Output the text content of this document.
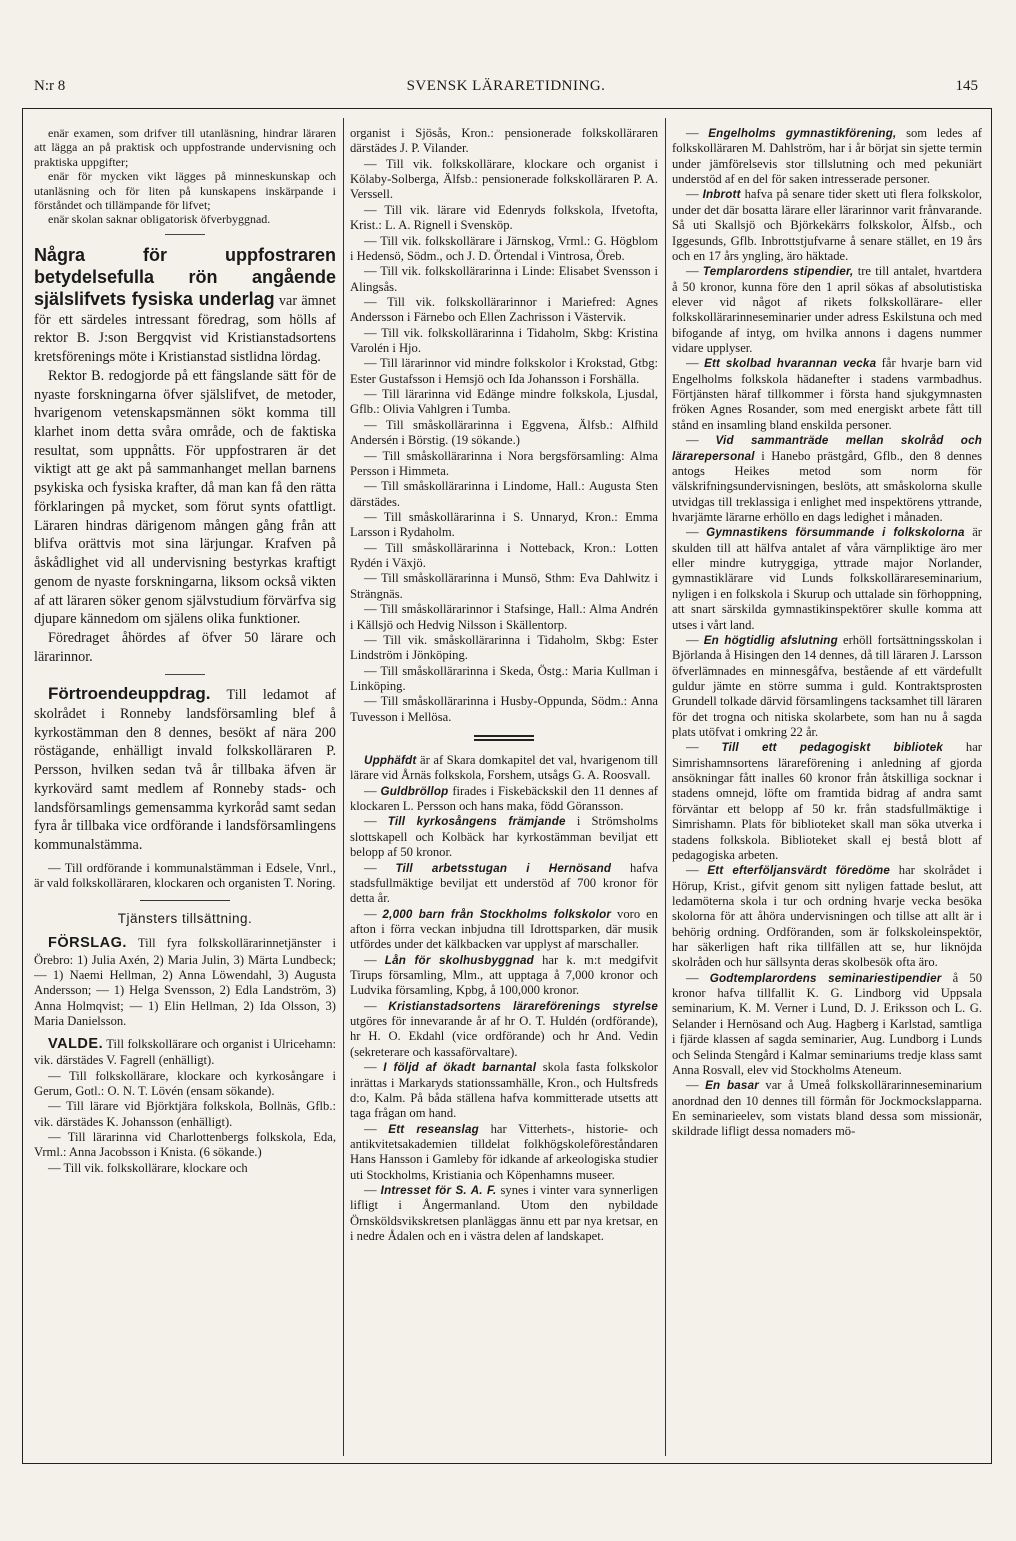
N:r 8	SVENSK LÄRARETIDNING.	145

enär examen, som drifver till utanläsning, hindrar läraren att lägga an på praktisk och uppfostrande undervisning och praktiska uppgifter;

enär för mycken vikt lägges på minneskunskap och utanläsning och för liten på kunskapens inskärpande i förståndet och tillämpande för lifvet;

enär skolan saknar obligatorisk öfverbyggnad.

Några för uppfostraren betydelsefulla rön angående själslifvets fysiska underlag var ämnet för ett särdeles intressant föredrag, som hölls af rektor B. J:son Bergqvist vid Kristianstadsortens kretsförenings möte i Kristianstad sistlidna lördag.

Rektor B. redogjorde på ett fängslande sätt för de nyaste forskningarna öfver själslifvet, de metoder, hvarigenom vetenskapsmännen sökt komma till klarhet inom detta svåra område, och de faktiska resultat, som uppnåtts. För uppfostraren är det viktigt att ge akt på sammanhanget mellan barnens psykiska och fysiska krafter, då man kan få den rätta förklaringen på mycket, som förut synts ofattligt. Läraren hindras därigenom mången gång från att blifva orättvis mot sina lärjungar. Krafven på åskådlighet vid all undervisning bestyrkas kraftigt genom de nyaste forskningarna, liksom också vikten af att läraren söker genom självstudium förvärfva sig djupare kännedom om själens olika funktioner.

Föredraget åhördes af öfver 50 lärare och lärarinnor.

Förtroendeuppdrag. Till ledamot af skolrådet i Ronneby landsförsamling blef å kyrkostämman den 8 dennes, besökt af nära 200 röstägande, enhälligt invald folkskolläraren P. Persson, hvilken sedan två år tillbaka äfven är kyrkovärd samt medlem af Ronneby stads- och landsförsamlings gemensamma kyrkoråd samt sedan fyra år tillbaka vice ordförande i landsförsamlingens kommunalstämma.

— Till ordförande i kommunalstämman i Edsele, Vnrl., är vald folkskolläraren, klockaren och organisten T. Noring.

Tjänsters tillsättning.

FÖRSLAG. Till fyra folkskollärarinnetjänster i Örebro: 1) Julia Axén, 2) Maria Julin, 3) Märta Lundbeck; — 1) Naemi Hellman, 2) Anna Löwendahl, 3) Augusta Andersson; — 1) Helga Svensson, 2) Edla Landström, 3) Anna Holmqvist; — 1) Elin Hellman, 2) Ida Olsson, 3) Maria Danielsson.

VALDE. Till folkskollärare och organist i Ulricehamn: vik. därstädes V. Fagrell (enhälligt).

— Till folkskollärare, klockare och kyrkosångare i Gerum, Gotl.: O. N. T. Lövén (ensam sökande).

— Till lärare vid Björktjära folkskola, Bollnäs, Gflb.: vik. därstädes K. Johansson (enhälligt).

— Till lärarinna vid Charlottenbergs folkskola, Eda, Vrml.: Anna Jacobsson i Knista. (6 sökande.)

— Till vik. folkskollärare, klockare och

organist i Sjösås, Kron.: pensionerade folkskolläraren därstädes J. P. Vilander.

— Till vik. folkskollärare, klockare och organist i Kölaby-Solberga, Älfsb.: pensionerade folkskolläraren P. A. Verssell.

— Till vik. lärare vid Edenryds folkskola, Ifvetofta, Krist.: L. A. Rignell i Svensköp.

— Till vik. folkskollärare i Järnskog, Vrml.: G. Högblom i Hedensö, Södm., och J. D. Örtendal i Vintrosa, Öreb.

— Till vik. folkskollärarinna i Linde: Elisabet Svensson i Alingsås.

— Till vik. folkskollärarinnor i Mariefred: Agnes Andersson i Färnebo och Ellen Zachrisson i Västervik.

— Till vik. folkskollärarinna i Tidaholm, Skbg: Kristina Varolén i Hjo.

— Till lärarinnor vid mindre folkskolor i Krokstad, Gtbg: Ester Gustafsson i Hemsjö och Ida Johansson i Forshälla.

— Till lärarinna vid Edänge mindre folkskola, Ljusdal, Gflb.: Olivia Vahlgren i Tumba.

— Till småskollärarinna i Eggvena, Älfsb.: Alfhild Andersén i Börstig. (19 sökande.)

— Till småskollärarinna i Nora bergsförsamling: Alma Persson i Himmeta.

— Till småskollärarinna i Lindome, Hall.: Augusta Sten därstädes.

— Till småskollärarinna i S. Unnaryd, Kron.: Emma Larsson i Rydaholm.

— Till småskollärarinna i Notteback, Kron.: Lotten Rydén i Växjö.

— Till småskollärarinna i Munsö, Sthm: Eva Dahlwitz i Strängnäs.

— Till småskollärarinnor i Stafsinge, Hall.: Alma Andrén i Källsjö och Hedvig Nilsson i Skällentorp.

— Till vik. småskollärarinna i Tidaholm, Skbg: Ester Lindström i Jönköping.

— Till småskollärarinna i Skeda, Östg.: Maria Kullman i Linköping.

— Till småskollärarinna i Husby-Oppunda, Södm.: Anna Tuvesson i Mellösa.

Upphäfdt är af Skara domkapitel det val, hvarigenom till lärare vid Årnäs folkskola, Forshem, utsågs G. A. Roosvall.

— Guldbröllop firades i Fiskebäckskil den 11 dennes af klockaren L. Persson och hans maka, född Göransson.

— Till kyrkosångens främjande i Strömsholms slottskapell och Kolbäck har kyrkostämman beviljat ett belopp af 50 kronor.

— Till arbetsstugan i Hernösand hafva stadsfullmäktige beviljat ett understöd af 700 kronor för detta år.

— 2,000 barn från Stockholms folkskolor voro en afton i förra veckan inbjudna till Idrottsparken, där musik utfördes under det kälkbacken var upplyst af marschaller.

— Lån för skolhusbyggnad har k. m:t medgifvit Tirups församling, Mlm., att upptaga å 7,000 kronor och Ludvika församling, Kpbg, å 100,000 kronor.

— Kristianstadsortens lärareförenings styrelse utgöres för innevarande år af hr O. T. Huldén (ordförande), hr H. O. Ekdahl (vice ordförande) och hr And. Vedin (sekreterare och kassaförvaltare).

— I följd af ökadt barnantal skola fasta folkskolor inrättas i Markaryds stationssamhälle, Kron., och Hultsfreds d:o, Kalm. På båda ställena hafva kommitterade utsetts att taga frågan om hand.

— Ett reseanslag har Vitterhets-, historie- och antikvitetsakademien tilldelat folkhögskoleföreståndaren Hans Hansson i Gamleby för idkande af arkeologiska studier uti Stockholms, Kristiania och Köpenhamns museer.

— Intresset för S. A. F. synes i vinter vara synnerligen lifligt i Ångermanland. Utom den nybildade Örnsköldsvikskretsen planläggas ännu ett par nya kretsar, en i nedre Ådalen och en i västra delen af landskapet.

— Engelholms gymnastikförening, som ledes af folkskolläraren M. Dahlström, har i år börjat sin sjette termin under jämförelsevis stor tillslutning och med pekuniärt understöd af en del för saken intresserade personer.

— Inbrott hafva på senare tider skett uti flera folkskolor, under det där bosatta lärare eller lärarinnor varit frånvarande. Så uti Skallsjö och Björkekärrs folkskolor, Älfsb., och Iggesunds, Gflb. Inbrottstjufvarne å senare stället, en 19 års och en 17 års yngling, äro häktade.

— Templarordens stipendier, tre till antalet, hvartdera å 50 kronor, kunna före den 1 april sökas af absolutistiska elever vid något af rikets folkskollärare- eller folkskollärarinneseminarier under adress Eskilstuna och med bifogande af intyg, om hvilka annons i dagens nummer vidare upplyser.

— Ett skolbad hvarannan vecka får hvarje barn vid Engelholms folkskola hädanefter i stadens varmbadhus. Förtjänsten häraf tillkommer i första hand sjukgymnasten fröken Agnes Rosander, som med energiskt arbete fått till stånd en insamling bland enskilda personer.

— Vid sammanträde mellan skolråd och lärarepersonal i Hanebo prästgård, Gflb., den 8 dennes antogs Heikes metod som norm för välskrifningsundervisningen, beslöts, att småskolorna skulle utvidgas till treklassiga i enlighet med inspektörens yttrande, hvarjämte lärarne erhöllo en dags ledighet i månaden.

— Gymnastikens försummande i folkskolorna är skulden till att hälfva antalet af våra värnpliktige äro mer eller mindre kutryggiga, yttrade major Norlander, gymnastiklärare vid Lunds folkskollärareseminarium, nyligen i en folkskola i Skurup och uttalade sin förhoppning, att snart särskilda gymnastikinspektörer skulle komma att utses i vårt land.

— En högtidlig afslutning erhöll fortsättningsskolan i Björlanda å Hisingen den 14 dennes, då till läraren J. Larsson öfverlämnades en minnesgåfva, bestående af ett värdefullt guldur jämte en större summa i guld. Kontraktsprosten Grundell tolkade därvid församlingens tacksamhet till läraren för det trogna och nitiska skolarbete, som han nu å sagda plats utöfvat i omkring 22 år.

— Till ett pedagogiskt bibliotek har Simrishamnsortens lärareförening i anledning af gjorda ansökningar fått inalles 60 kronor från åtskilliga socknar i stadens omnejd, löfte om framtida bidrag af andra samt förväntar ett belopp af 50 kr. från stadsfullmäktige i Simrishamn. Plats för biblioteket skall man söka utverka i stadens folkskola. Biblioteket skall ej bestå blott af pedagogiska arbeten.

— Ett efterföljansvärdt föredöme har skolrådet i Hörup, Krist., gifvit genom sitt nyligen fattade beslut, att ledamöterna skola i tur och ordning hvarje vecka besöka skolorna för att åhöra undervisningen och tillse att allt är i behörig ordning. Ordföranden, som är folkskoleinspektör, har säkerligen haft rika tillfällen att se, hur liknöjda skolråden och hur sällsynta deras skolbesök ofta äro.

— Godtemplarordens seminariestipendier å 50 kronor hafva tillfallit K. G. Lindborg vid Uppsala seminarium, K. M. Verner i Lund, D. J. Eriksson och L. G. Selander i Hernösand och Aug. Hagberg i Karlstad, samtliga i fjärde klassen af sagda seminarier, Aug. Lundborg i Lunds och Selinda Stengård i Kalmar seminariums tredje klass samt Anna Rosvall, elev vid Stockholms Ateneum.

— En basar var å Umeå folkskollärarinneseminarium anordnad den 10 dennes till förmån för Jockmockslapparna. En seminarieelev, som vistats bland dessa som missionär, skildrade lifligt dessa nomaders mö-
